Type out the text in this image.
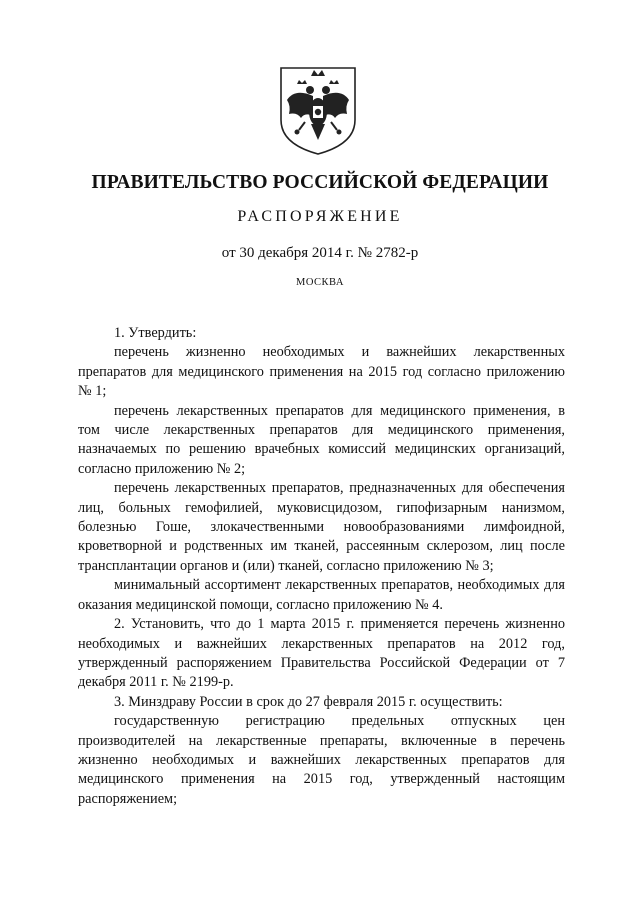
ПРАВИТЕЛЬСТВО РОССИЙСКОЙ ФЕДЕРАЦИИ
РАСПОРЯЖЕНИЕ
от 30 декабря 2014 г. № 2782-р
МОСКВА

1. Утвердить:

перечень жизненно необходимых и важнейших лекарственных препаратов для медицинского применения на 2015 год согласно приложению № 1;

перечень лекарственных препаратов для медицинского применения, в том числе лекарственных препаратов для медицинского применения, назначаемых по решению врачебных комиссий медицинских организаций, согласно приложению № 2;

перечень лекарственных препаратов, предназначенных для обеспечения лиц, больных гемофилией, муковисцидозом, гипофизарным нанизмом, болезнью Гоше, злокачественными новообразованиями лимфоидной, кроветворной и родственных им тканей, рассеянным склерозом, лиц после трансплантации органов и (или) тканей, согласно приложению № 3;

минимальный ассортимент лекарственных препаратов, необходимых для оказания медицинской помощи, согласно приложению № 4.

2. Установить, что до 1 марта 2015 г. применяется перечень жизненно необходимых и важнейших лекарственных препаратов на 2012 год, утвержденный распоряжением Правительства Российской Федерации от 7 декабря 2011 г. № 2199-р.

3. Минздраву России в срок до 27 февраля 2015 г. осуществить:

государственную регистрацию предельных отпускных цен производителей на лекарственные препараты, включенные в перечень жизненно необходимых и важнейших лекарственных препаратов для медицинского применения на 2015 год, утвержденный настоящим распоряжением;
